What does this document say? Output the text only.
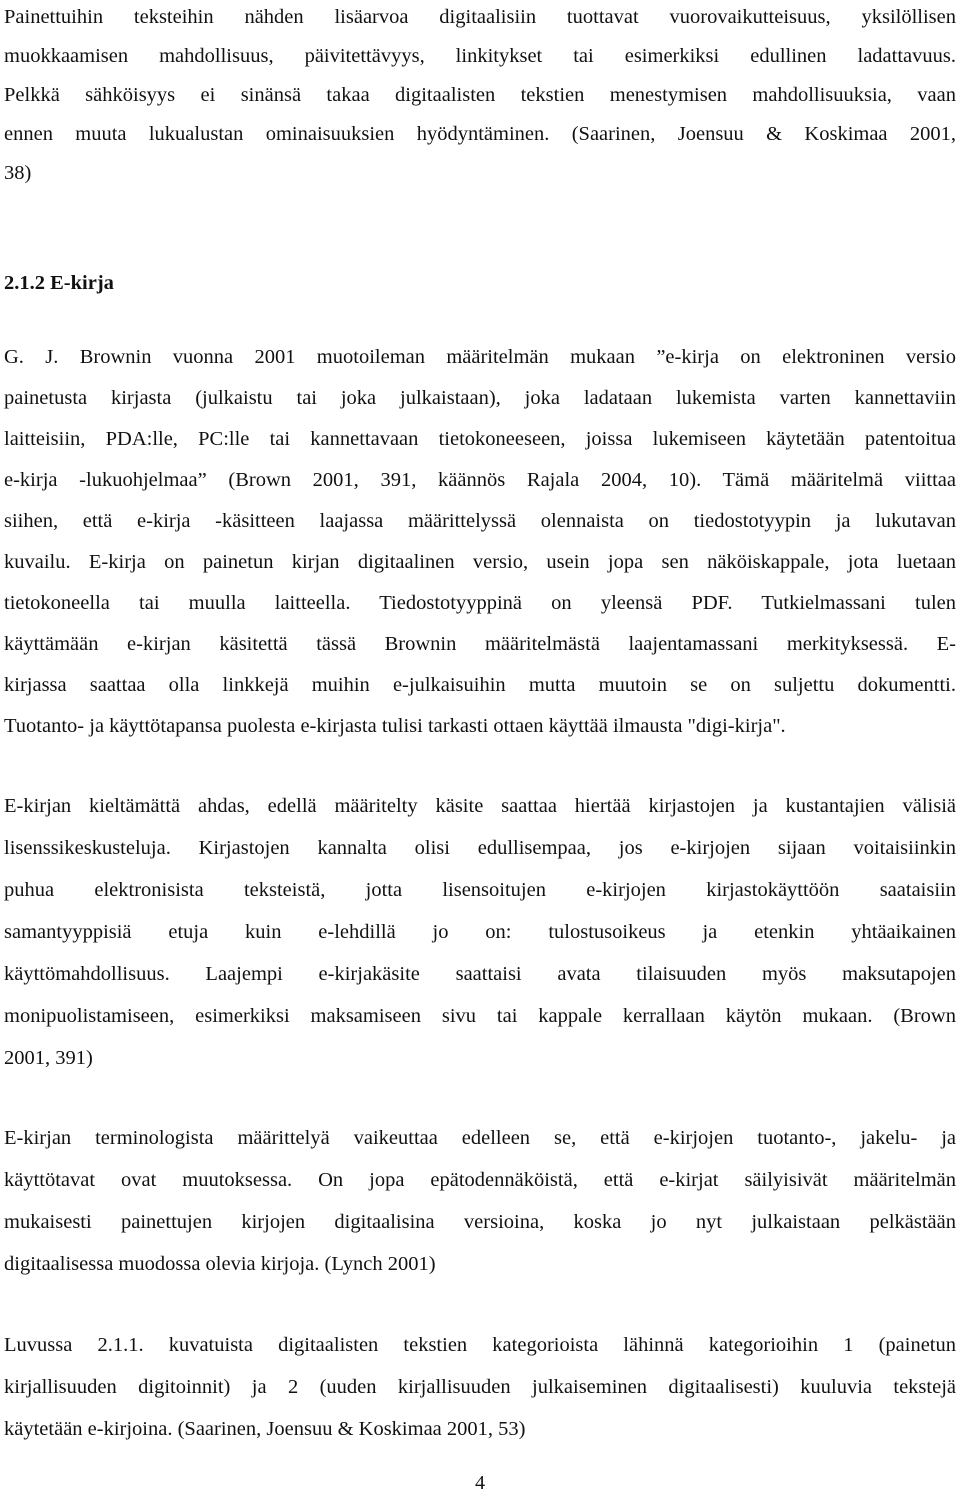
Painettuihin teksteihin nähden lisäarvoa digitaalisiin tuottavat vuorovaikutteisuus, yksilöllisen
muokkaamisen mahdollisuus, päivitettävyys, linkitykset tai esimerkiksi edullinen ladattavuus.
Pelkkä sähköisyys ei sinänsä takaa digitaalisten tekstien menestymisen mahdollisuuksia, vaan
ennen muuta lukualustan ominaisuuksien hyödyntäminen. (Saarinen, Joensuu & Koskimaa 2001,
38)
2.1.2 E-kirja
G. J. Brownin vuonna 2001 muotoileman määritelmän mukaan ”e-kirja on elektroninen versio
painetusta kirjasta (julkaistu tai joka julkaistaan), joka ladataan lukemista varten kannettaviin
laitteisiin, PDA:lle, PC:lle tai kannettavaan tietokoneeseen, joissa lukemiseen käytetään patentoitua
e-kirja -lukuohjelmaa” (Brown 2001, 391, käännös Rajala 2004, 10). Tämä määritelmä viittaa
siihen, että e-kirja -käsitteen laajassa määrittelyssä olennaista on tiedostotyypin ja lukutavan
kuvailu. E-kirja on painetun kirjan digitaalinen versio, usein jopa sen näköiskappale, jota luetaan
tietokoneella tai muulla laitteella. Tiedostotyyppinä on yleensä PDF. Tutkielmassani tulen
käyttämään e-kirjan käsitettä tässä Brownin määritelmästä laajentamassani merkityksessä. E-
kirjassa saattaa olla linkkejä muihin e-julkaisuihin mutta muutoin se on suljettu dokumentti.
Tuotanto- ja käyttötapansa puolesta e-kirjasta tulisi tarkasti ottaen käyttää ilmausta "digi-kirja".
E-kirjan kieltämättä ahdas, edellä määritelty käsite saattaa hiertää kirjastojen ja kustantajien välisiä
lisenssikeskusteluja. Kirjastojen kannalta olisi edullisempaa, jos e-kirjojen sijaan voitaisiinkin
puhua elektronisista teksteistä, jotta lisensoitujen e-kirjojen kirjastokäyttöön saataisiin
samantyyppisiä etuja kuin e-lehdillä jo on: tulostusoikeus ja etenkin yhtäaikainen
käyttömahdollisuus. Laajempi e-kirjakäsite saattaisi avata tilaisuuden myös maksutapojen
monipuolistamiseen, esimerkiksi maksamiseen sivu tai kappale kerrallaan käytön mukaan. (Brown
2001, 391)
E-kirjan terminologista määrittelyä vaikeuttaa edelleen se, että e-kirjojen tuotanto-, jakelu- ja
käyttötavat ovat muutoksessa. On jopa epätodennäköistä, että e-kirjat säilyisivät määritelmän
mukaisesti painettujen kirjojen digitaalisina versioina, koska jo nyt julkaistaan pelkästään
digitaalisessa muodossa olevia kirjoja. (Lynch 2001)
Luvussa 2.1.1. kuvatuista digitaalisten tekstien kategorioista lähinnä kategorioihin 1 (painetun
kirjallisuuden digitoinnit) ja 2 (uuden kirjallisuuden julkaiseminen digitaalisesti) kuuluvia tekstejä
käytetään e-kirjoina. (Saarinen, Joensuu & Koskimaa 2001, 53)
4
